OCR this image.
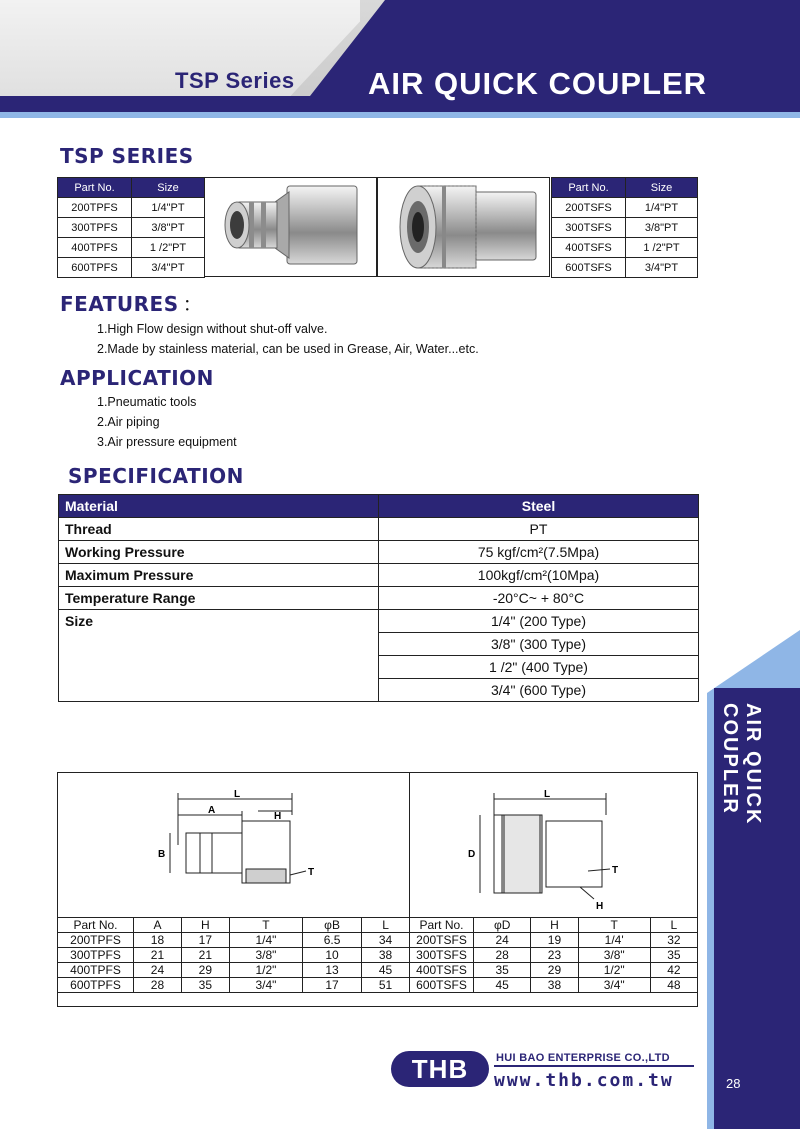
TSP Series AIR QUICK COUPLER
AIR QUICK COUPLER
28
TSP SERIES
Part No.	Size
200TPFS	1/4"PT
300TPFS	3/8"PT
400TPFS	1 /2"PT
600TPFS	3/4"PT
Part No.	Size
200TSFS	1/4"PT
300TSFS	3/8"PT
400TSFS	1 /2"PT
600TSFS	3/4"PT
FEATURES ：
1.High Flow design without shut-off valve.
2.Made by stainless material, can be used in Grease, Air, Water...etc.
APPLICATION
1.Pneumatic tools
2.Air piping
3.Air pressure equipment
SPECIFICATION
Material	Steel
Thread	PT
Working Pressure	75 kgf/cm²(7.5Mpa)
Maximum Pressure	100kgf/cm²(10Mpa)
Temperature Range	-20°C~ + 80°C
Size	1/4" (200 Type)
	3/8" (300 Type)
	1 /2" (400 Type)
	3/4" (600 Type)
L
A
H
B
T
L
D
T
H
Part No.	A	H	T	φB	L
200TPFS	18	17	1/4"	6.5	34
300TPFS	21	21	3/8"	10	38
400TPFS	24	29	1/2"	13	45
600TPFS	28	35	3/4"	17	51
Part No.	φD	H	T	L
200TSFS	24	19	1/4'	32
300TSFS	28	23	3/8"	35
400TSFS	35	29	1/2"	42
600TSFS	45	38	3/4"	48
THB	HUI BAO ENTERPRISE CO.,LTD
www.thb.com.tw
